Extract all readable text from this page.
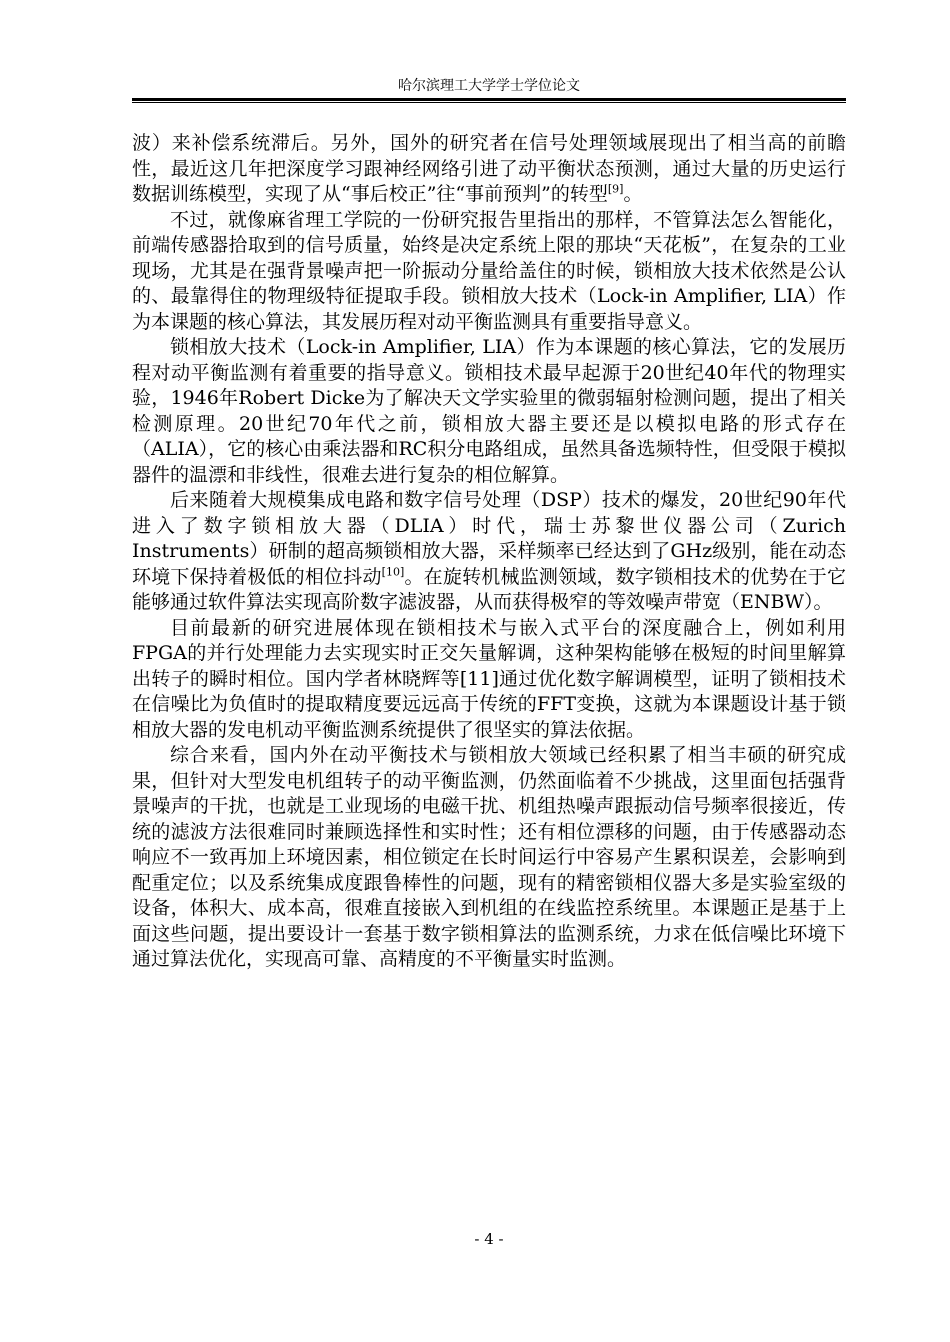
哈尔滨理工大学学士学位论文

波）来补偿系统滞后。另外，国外的研究者在信号处理领域展现出了相当高的前瞻性，最近这几年把深度学习跟神经网络引进了动平衡状态预测，通过大量的历史运行数据训练模型，实现了从“事后校正”往“事前预判”的转型[9]。

不过，就像麻省理工学院的一份研究报告里指出的那样，不管算法怎么智能化，前端传感器拾取到的信号质量，始终是决定系统上限的那块“天花板”，在复杂的工业现场，尤其是在强背景噪声把一阶振动分量给盖住的时候，锁相放大技术依然是公认的、最靠得住的物理级特征提取手段。锁相放大技术（Lock-in Amplifier, LIA）作为本课题的核心算法，其发展历程对动平衡监测具有重要指导意义。

锁相放大技术（Lock-in Amplifier, LIA）作为本课题的核心算法，它的发展历程对动平衡监测有着重要的指导意义。锁相技术最早起源于20世纪40年代的物理实验，1946年Robert Dicke为了解决天文学实验里的微弱辐射检测问题，提出了相关检测原理。20世纪70年代之前，锁相放大器主要还是以模拟电路的形式存在（ALIA），它的核心由乘法器和RC积分电路组成，虽然具备选频特性，但受限于模拟器件的温漂和非线性，很难去进行复杂的相位解算。

后来随着大规模集成电路和数字信号处理（DSP）技术的爆发，20世纪90年代进入了数字锁相放大器（DLIA）时代，瑞士苏黎世仪器公司（Zurich Instruments）研制的超高频锁相放大器，采样频率已经达到了GHz级别，能在动态环境下保持着极低的相位抖动[10]。在旋转机械监测领域，数字锁相技术的优势在于它能够通过软件算法实现高阶数字滤波器，从而获得极窄的等效噪声带宽（ENBW）。

目前最新的研究进展体现在锁相技术与嵌入式平台的深度融合上，例如利用FPGA的并行处理能力去实现实时正交矢量解调，这种架构能够在极短的时间里解算出转子的瞬时相位。国内学者林晓辉等[11]通过优化数字解调模型，证明了锁相技术在信噪比为负值时的提取精度要远远高于传统的FFT变换，这就为本课题设计基于锁相放大器的发电机动平衡监测系统提供了很坚实的算法依据。

综合来看，国内外在动平衡技术与锁相放大领域已经积累了相当丰硕的研究成果，但针对大型发电机组转子的动平衡监测，仍然面临着不少挑战，这里面包括强背景噪声的干扰，也就是工业现场的电磁干扰、机组热噪声跟振动信号频率很接近，传统的滤波方法很难同时兼顾选择性和实时性；还有相位漂移的问题，由于传感器动态响应不一致再加上环境因素，相位锁定在长时间运行中容易产生累积误差，会影响到配重定位；以及系统集成度跟鲁棒性的问题，现有的精密锁相仪器大多是实验室级的设备，体积大、成本高，很难直接嵌入到机组的在线监控系统里。本课题正是基于上面这些问题，提出要设计一套基于数字锁相算法的监测系统，力求在低信噪比环境下通过算法优化，实现高可靠、高精度的不平衡量实时监测。

- 4 -
